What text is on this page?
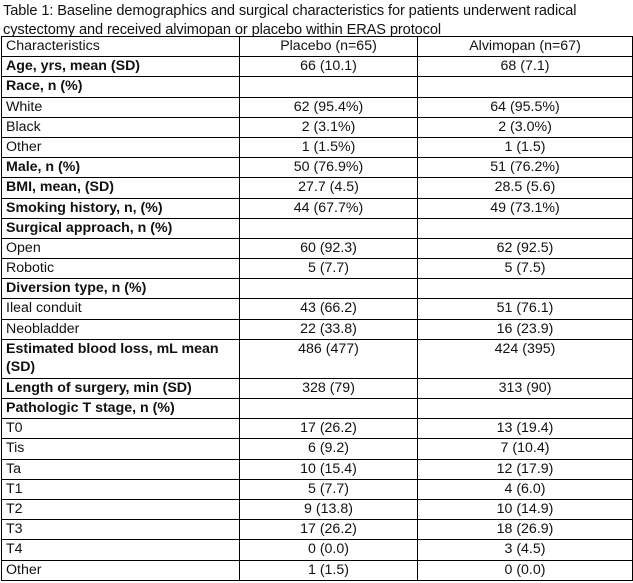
Table 1: Baseline demographics and surgical characteristics for patients underwent radical cystectomy and received alvimopan or placebo within ERAS protocol

Characteristics	Placebo (n=65)	Alvimopan (n=67)
Age, yrs, mean (SD)	66 (10.1)	68 (7.1)
Race, n (%)		
White	62 (95.4%)	64 (95.5%)
Black	2 (3.1%)	2 (3.0%)
Other	1 (1.5%)	1 (1.5)
Male, n (%)	50 (76.9%)	51 (76.2%)
BMI, mean, (SD)	27.7 (4.5)	28.5 (5.6)
Smoking history, n, (%)	44 (67.7%)	49 (73.1%)
Surgical approach, n (%)		
Open	60 (92.3)	62 (92.5)
Robotic	5 (7.7)	5 (7.5)
Diversion type, n (%)		
Ileal conduit	43 (66.2)	51 (76.1)
Neobladder	22 (33.8)	16 (23.9)
Estimated blood loss, mL mean (SD)	486 (477)	424 (395)
Length of surgery, min (SD)	328 (79)	313 (90)
Pathologic T stage, n (%)		
T0	17 (26.2)	13 (19.4)
Tis	6 (9.2)	7 (10.4)
Ta	10 (15.4)	12 (17.9)
T1	5 (7.7)	4 (6.0)
T2	9 (13.8)	10 (14.9)
T3	17 (26.2)	18 (26.9)
T4	0 (0.0)	3 (4.5)
Other	1 (1.5)	0 (0.0)
